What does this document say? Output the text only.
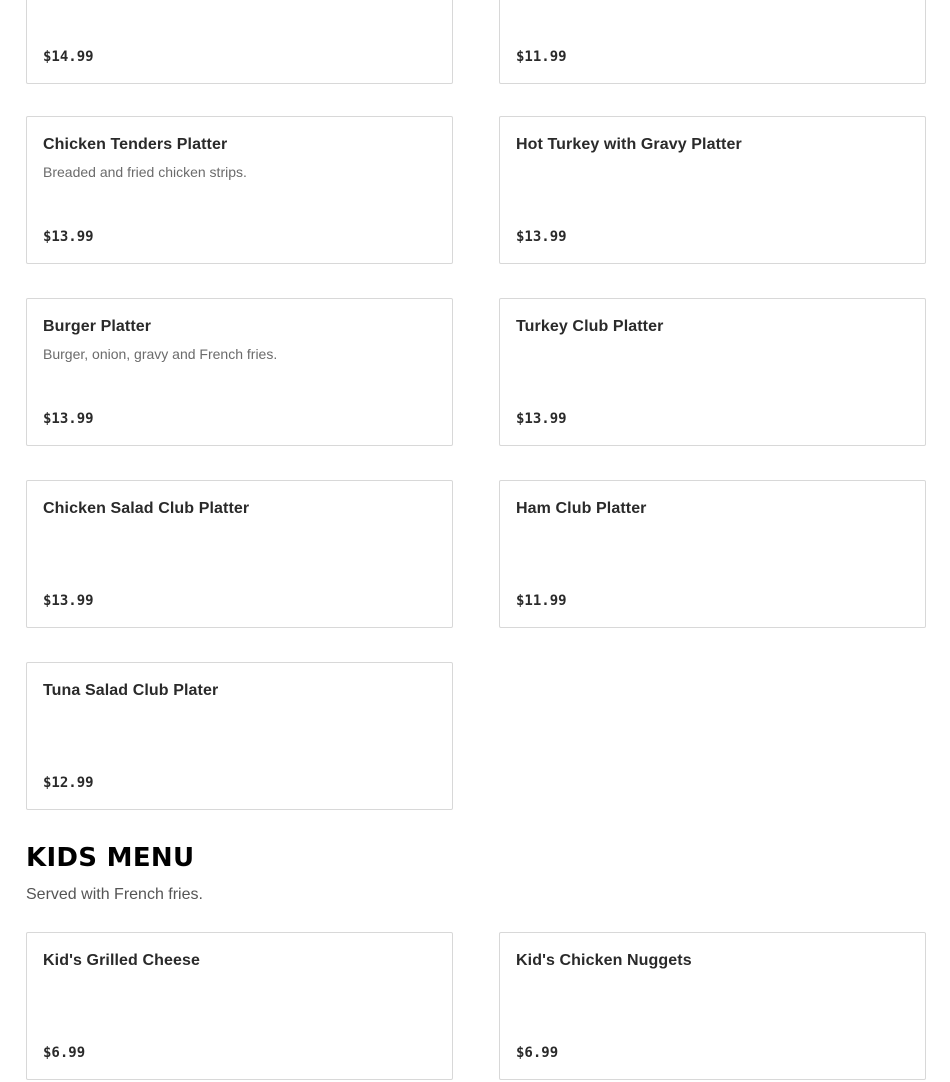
$14.99	$11.99
Chicken Tenders Platter
Breaded and fried chicken strips.
$13.99
Hot Turkey with Gravy Platter
$13.99
Burger Platter
Burger, onion, gravy and French fries.
$13.99
Turkey Club Platter
$13.99
Chicken Salad Club Platter
$13.99
Ham Club Platter
$11.99
Tuna Salad Club Plater
$12.99
KIDS MENU
Served with French fries.
Kid's Grilled Cheese
$6.99
Kid's Chicken Nuggets
$6.99
